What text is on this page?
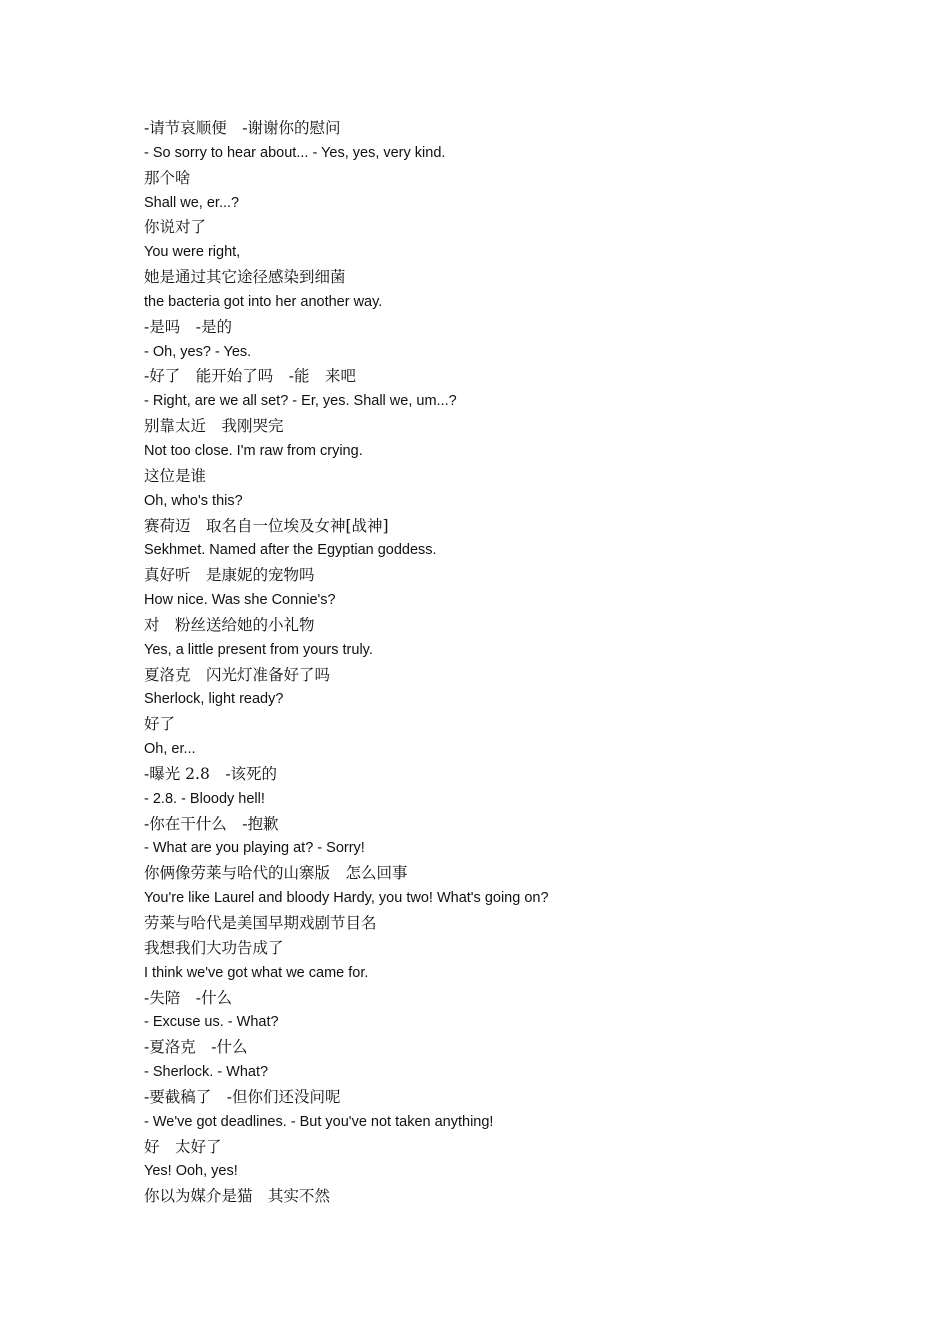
-请节哀顺便　-谢谢你的慰问
- So sorry to hear about... - Yes, yes, very kind.
那个啥
Shall we, er...?
你说对了
You were right,
她是通过其它途径感染到细菌
the bacteria got into her another way.
-是吗　-是的
- Oh, yes? - Yes.
-好了　能开始了吗　-能　来吧
- Right, are we all set? - Er, yes. Shall we, um...?
别靠太近　我刚哭完
Not too close. I'm raw from crying.
这位是谁
Oh, who's this?
赛荷迈　取名自一位埃及女神[战神]
Sekhmet. Named after the Egyptian goddess.
真好听　是康妮的宠物吗
How nice. Was she Connie's?
对　粉丝送给她的小礼物
Yes, a little present from yours truly.
夏洛克　闪光灯准备好了吗
Sherlock, light ready?
好了
Oh, er...
-曝光 2.8　-该死的
- 2.8. - Bloody hell!
-你在干什么　-抱歉
- What are you playing at? - Sorry!
你俩像劳莱与哈代的山寨版　怎么回事
You're like Laurel and bloody Hardy, you two! What's going on?
劳莱与哈代是美国早期戏剧节目名
我想我们大功告成了
I think we've got what we came for.
-失陪　-什么
- Excuse us. - What?
-夏洛克　-什么
- Sherlock. - What?
-要截稿了　-但你们还没问呢
- We've got deadlines. - But you've not taken anything!
好　太好了
Yes! Ooh, yes!
你以为媒介是猫　其实不然
